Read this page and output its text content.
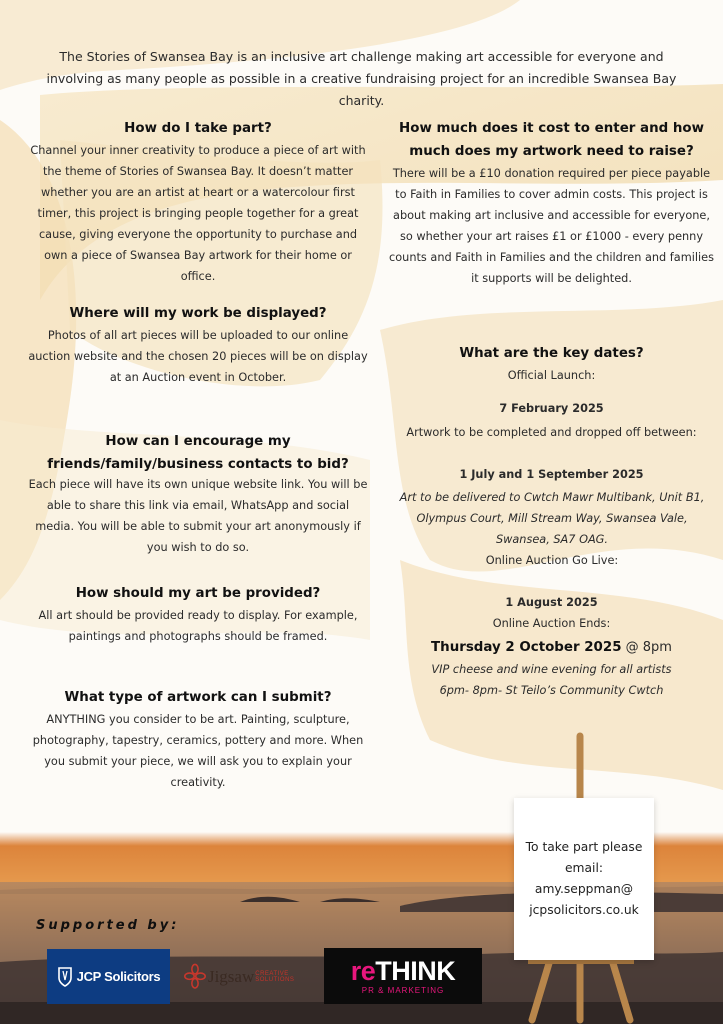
The Stories of Swansea Bay is an inclusive art challenge making art accessible for everyone and involving as many people as possible in a creative fundraising project for an incredible Swansea Bay charity.
How do I take part?

Channel your inner creativity to produce a piece of art with the theme of Stories of Swansea Bay. It doesn’t matter whether you are an artist at heart or a watercolour first timer, this project is bringing people together for a great cause, giving everyone the opportunity to purchase and own a piece of Swansea Bay artwork for their home or office.

Where will my work be displayed?

Photos of all art pieces will be uploaded to our online auction website and the chosen 20 pieces will be on display at an Auction event in October.

How can I encourage my friends/family/business contacts to bid?

Each piece will have its own unique website link. You will be able to share this link via email, WhatsApp and social media. You will be able to submit your art anonymously if you wish to do so.

How should my art be provided?

All art should be provided ready to display. For example, paintings and photographs should be framed.

What type of artwork can I submit?

ANYTHING you consider to be art. Painting, sculpture, photography, tapestry, ceramics, pottery and more. When you submit your piece, we will ask you to explain your creativity.

How much does it cost to enter and how much does my artwork need to raise?

There will be a £10 donation required per piece payable to Faith in Families to cover admin costs. This project is about making art inclusive and accessible for everyone, so whether your art raises £1 or £1000 - every penny counts and Faith in Families and the children and families it supports will be delighted.

What are the key dates?

Official Launch:

7 February 2025

Artwork to be completed and dropped off between:

1 July and 1 September 2025

Art to be delivered to Cwtch Mawr Multibank, Unit B1, Olympus Court, Mill Stream Way, Swansea Vale, Swansea, SA7 OAG.

Online Auction Go Live:

1 August 2025

Online Auction Ends:

Thursday 2 October 2025 @ 8pm

VIP cheese and wine evening for all artists

6pm- 8pm- St Teilo’s Community Cwtch

Supported by:
JCP Solicitors	Jigsaw CREATIVE SOLUTIONS	reTHINK
PR & MARKETING
To take part please
email:
amy.seppman@
jcpsolicitors.co.uk
